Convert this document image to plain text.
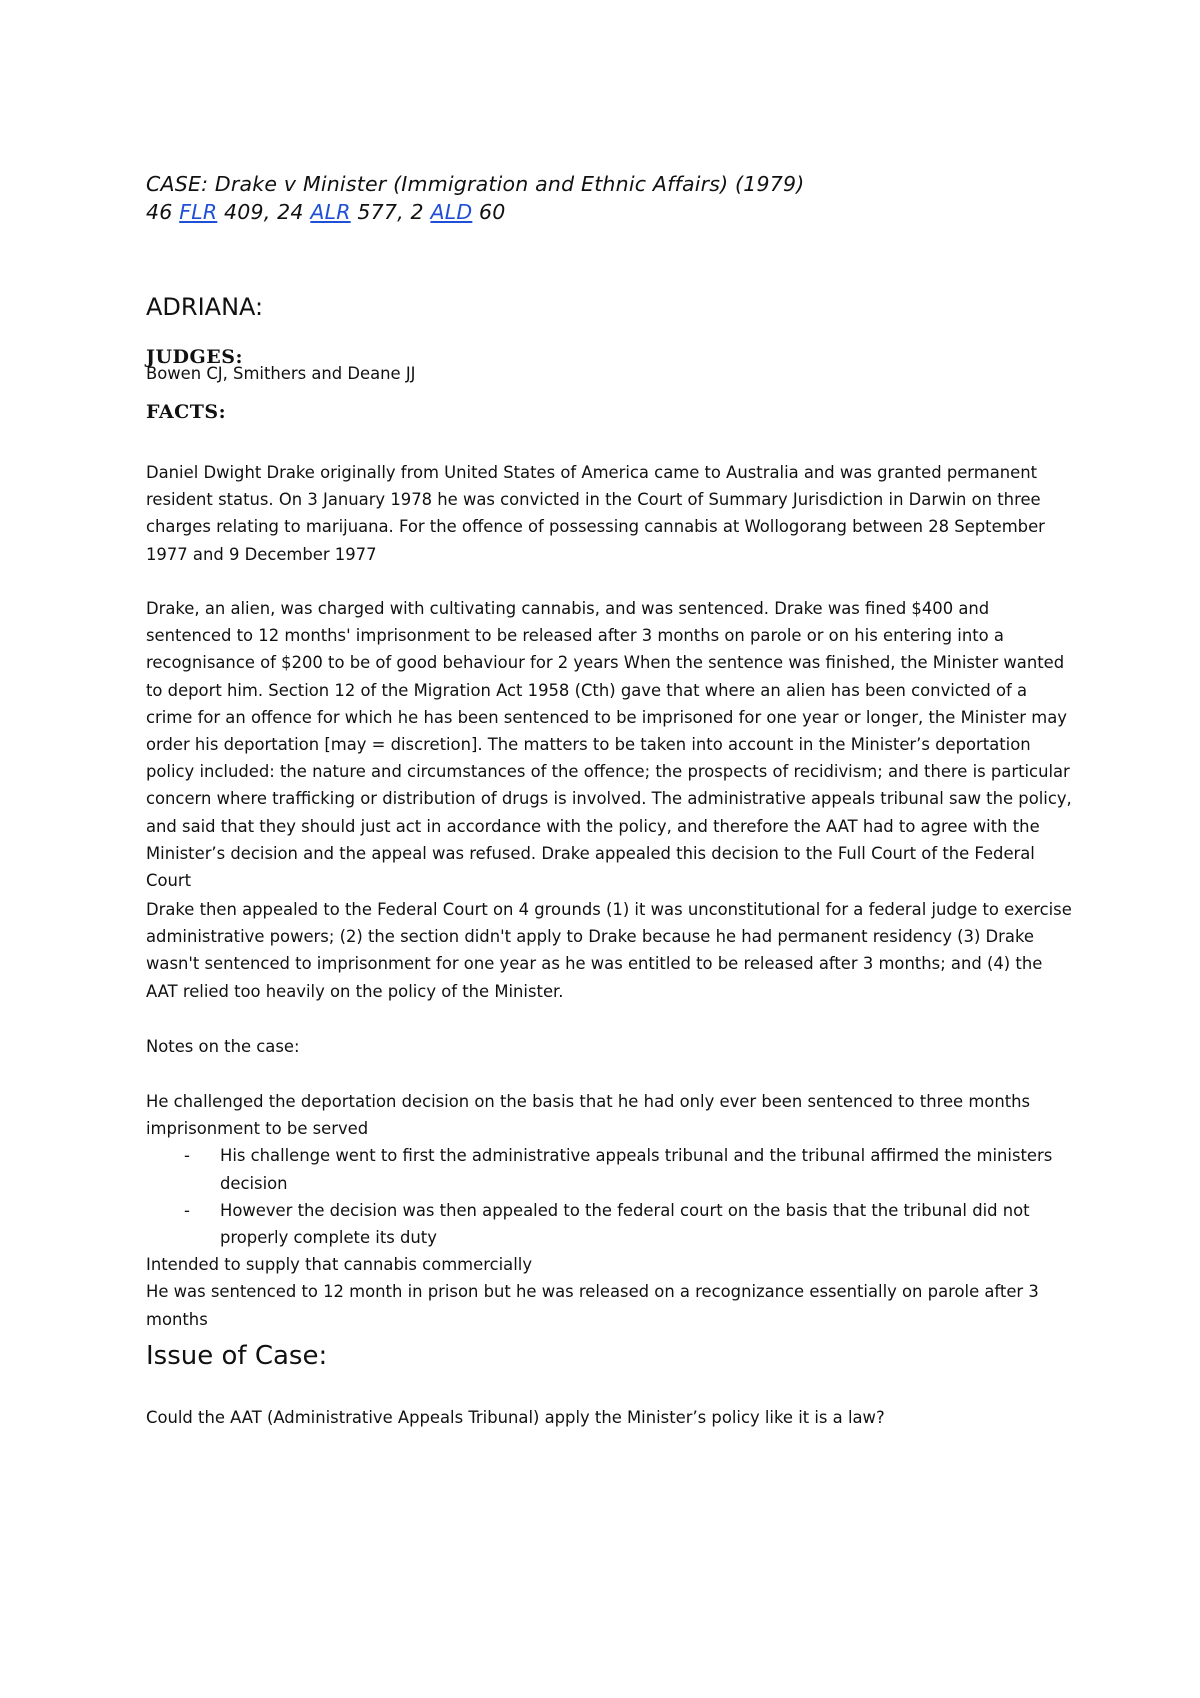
CASE: Drake v Minister (Immigration and Ethnic Affairs) (1979)
46 FLR 409, 24 ALR 577, 2 ALD 60
ADRIANA:
JUDGES:

Bowen CJ, Smithers and Deane JJ

FACTS:

Daniel Dwight Drake originally from United States of America came to Australia and was granted permanent resident status. On 3 January 1978 he was convicted in the Court of Summary Jurisdiction in Darwin on three charges relating to marijuana. For the offence of possessing cannabis at Wollogorang between 28 September 1977 and 9 December 1977

Drake, an alien, was charged with cultivating cannabis, and was sentenced. Drake was fined $400 and sentenced to 12 months' imprisonment to be released after 3 months on parole or on his entering into a recognisance of $200 to be of good behaviour for 2 years When the sentence was finished, the Minister wanted to deport him. Section 12 of the Migration Act 1958 (Cth) gave that where an alien has been convicted of a crime for an offence for which he has been sentenced to be imprisoned for one year or longer, the Minister may order his deportation [may = discretion]. The matters to be taken into account in the Minister’s deportation policy included: the nature and circumstances of the offence; the prospects of recidivism; and there is particular concern where trafficking or distribution of drugs is involved. The administrative appeals tribunal saw the policy, and said that they should just act in accordance with the policy, and therefore the AAT had to agree with the Minister’s decision and the appeal was refused. Drake appealed this decision to the Full Court of the Federal Court

Drake then appealed to the Federal Court on 4 grounds (1) it was unconstitutional for a federal judge to exercise administrative powers; (2) the section didn't apply to Drake because he had permanent residency (3) Drake wasn't sentenced to imprisonment for one year as he was entitled to be released after 3 months; and (4) the AAT relied too heavily on the policy of the Minister.

Notes on the case:

He challenged the deportation decision on the basis that he had only ever been sentenced to three months imprisonment to be served
- His challenge went to first the administrative appeals tribunal and the tribunal affirmed the ministers decision
- However the decision was then appealed to the federal court on the basis that the tribunal did not properly complete its duty
Intended to supply that cannabis commercially
He was sentenced to 12 month in prison but he was released on a recognizance essentially on parole after 3 months
Issue of Case:

Could the AAT (Administrative Appeals Tribunal) apply the Minister’s policy like it is a law?
